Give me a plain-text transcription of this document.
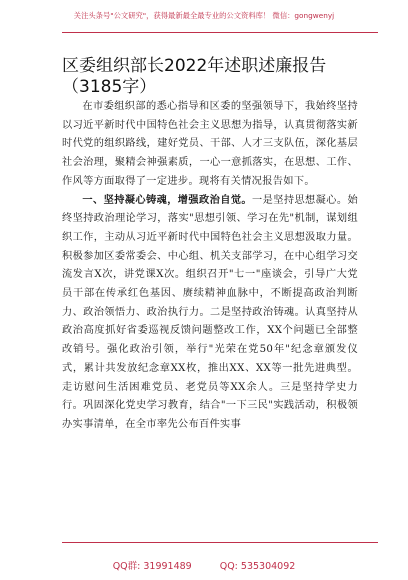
关注头条号"公文研究"，获得最新最全最专业的公文资料库！ 微信：gongwenyj
区委组织部长2022年述职述廉报告（3185字）

在市委组织部的悉心指导和区委的坚强领导下，我始终坚持以习近平新时代中国特色社会主义思想为指导，认真贯彻落实新时代党的组织路线，建好党员、干部、人才三支队伍，深化基层社会治理，聚精会神强素质，一心一意抓落实，在思想、工作、作风等方面取得了一定进步。现将有关情况报告如下。

一、坚持凝心铸魂，增强政治自觉。一是坚持思想凝心。始终坚持政治理论学习，落实"思想引领、学习在先"机制，谋划组织工作，主动从习近平新时代中国特色社会主义思想汲取力量。积极参加区委常委会、中心组、机关支部学习，在中心组学习交流发言X次，讲党课X次。组织召开"七一"座谈会，引导广大党员干部在传承红色基因、赓续精神血脉中，不断提高政治判断力、政治领悟力、政治执行力。二是坚持政治铸魂。认真坚持从政治高度抓好省委巡视反馈问题整改工作，XX个问题已全部整改销号。强化政治引领，举行"光荣在党50年"纪念章颁发仪式，累计共发放纪念章XX枚，推出XX、XX等一批先进典型。走访慰问生活困难党员、老党员等XX余人。三是坚持学史力行。巩固深化党史学习教育，结合"一下三民"实践活动，积极领办实事清单，在全市率先公布百件实事

QQ群: 31991489	QQ: 535304092
